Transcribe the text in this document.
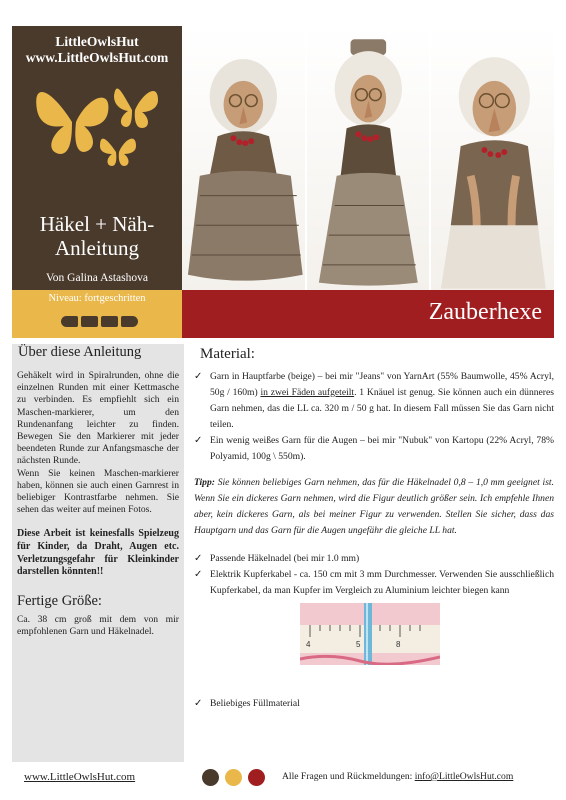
LittleOwlsHut
www.LittleOwlsHut.com
Häkel + Näh-
Anleitung
Von Galina Astashova
Niveau: fortgeschritten
Zauberhexe
Über diese Anleitung

Gehäkelt wird in Spiralrunden, ohne die einzelnen Runden mit einer Kettmasche zu verbinden. Es empfiehlt sich ein Maschen-markierer, um den Rundenanfang leichter zu finden. Bewegen Sie den Markierer mit jeder beendeten Runde zur Anfangsmasche der nächsten Runde.

Wenn Sie keinen Maschen-markierer haben, können sie auch einen Garnrest in beliebiger Kontrastfarbe nehmen. Sie sehen das weiter auf meinen Fotos.

Diese Arbeit ist keinesfalls Spielzeug für Kinder, da Draht, Augen etc. Verletzungsgefahr für Kleinkinder darstellen könnten!!

Fertige Größe:

Ca. 38 cm groß mit dem von mir empfohlenen Garn und Häkelnadel.

Material:
✓ Garn in Hauptfarbe (beige) – bei mir "Jeans" von YarnArt (55% Baumwolle, 45% Acryl, 50g / 160m) in zwei Fäden aufgeteilt. 1 Knäuel ist genug. Sie können auch ein dünneres Garn nehmen, das die LL ca. 320 m / 50 g hat. In diesem Fall müssen Sie das Garn nicht teilen.
✓ Ein wenig weißes Garn für die Augen – bei mir "Nubuk" von Kartopu (22% Acryl, 78% Polyamid, 100g \ 550m).
Tipp: Sie können beliebiges Garn nehmen, das für die Häkelnadel 0,8 – 1,0 mm geeignet ist. Wenn Sie ein dickeres Garn nehmen, wird die Figur deutlich größer sein. Ich empfehle Ihnen aber, kein dickeres Garn, als bei meiner Figur zu verwenden. Stellen Sie sicher, dass das Hauptgarn und das Garn für die Augen ungefähr die gleiche LL hat.
✓ Passende Häkelnadel (bei mir 1.0 mm)
✓ Elektrik Kupferkabel - ca. 150 cm mit 3 mm Durchmesser. Verwenden Sie ausschließlich Kupferkabel, da man Kupfer im Vergleich zu Aluminium leichter biegen kann
4	5	8
✓ Beliebiges Füllmaterial
www.LittleOwlsHut.com	Alle Fragen und Rückmeldungen: info@LittleOwlsHut.com
